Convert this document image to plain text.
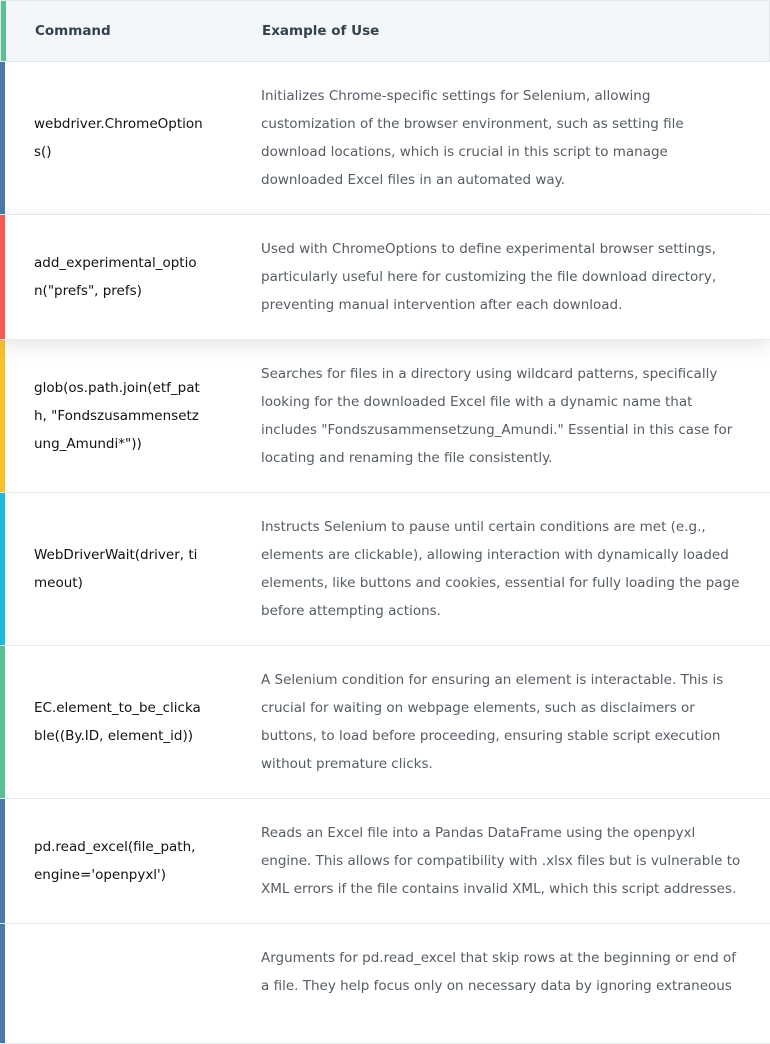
Command	Example of Use
webdriver.ChromeOptions()
Initializes Chrome-specific settings for Selenium, allowing customization of the browser environment, such as setting file download locations, which is crucial in this script to manage downloaded Excel files in an automated way.
add_experimental_option("prefs", prefs)
Used with ChromeOptions to define experimental browser settings, particularly useful here for customizing the file download directory, preventing manual intervention after each download.
glob(os.path.join(etf_path, "Fondszusammensetzung_Amundi*"))
Searches for files in a directory using wildcard patterns, specifically looking for the downloaded Excel file with a dynamic name that includes "Fondszusammensetzung_Amundi." Essential in this case for locating and renaming the file consistently.
WebDriverWait(driver, timeout)
Instructs Selenium to pause until certain conditions are met (e.g., elements are clickable), allowing interaction with dynamically loaded elements, like buttons and cookies, essential for fully loading the page before attempting actions.
EC.element_to_be_clickable((By.ID, element_id))
A Selenium condition for ensuring an element is interactable. This is crucial for waiting on webpage elements, such as disclaimers or buttons, to load before proceeding, ensuring stable script execution without premature clicks.
pd.read_excel(file_path, engine='openpyxl')
Reads an Excel file into a Pandas DataFrame using the openpyxl engine. This allows for compatibility with .xlsx files but is vulnerable to XML errors if the file contains invalid XML, which this script addresses.
Arguments for pd.read_excel that skip rows at the beginning or end of a file. They help focus only on necessary data by ignoring extraneous
